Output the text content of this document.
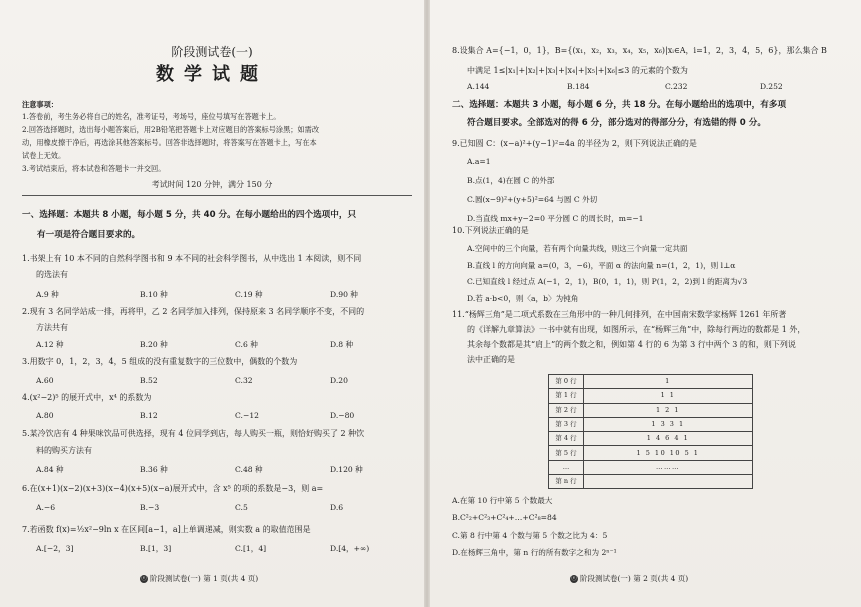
阶段测试卷(一)
数学试题
注意事项：
1.答卷前，考生务必将自己的姓名，准考证号，考场号，座位号填写在答题卡上。
2.回答选择题时，选出每小题答案后，用2B铅笔把答题卡上对应题目的答案标号涂黑；如需改
动，用橡皮擦干净后，再选涂其他答案标号。回答非选择题时，将答案写在答题卡上，写在本
试卷上无效。
3.考试结束后，将本试卷和答题卡一并交回。
考试时间 120 分钟，满分 150 分
一、选择题：本题共 8 小题，每小题 5 分，共 40 分。在每小题给出的四个选项中，只
有一项是符合题目要求的。
1.书架上有 10 本不同的自然科学图书和 9 本不同的社会科学图书，从中选出 1 本阅读，则不同
的选法有
A.9 种	B.10 种	C.19 种	D.90 种
2.现有 3 名同学站成一排，再将甲，乙 2 名同学加入排列，保持原来 3 名同学顺序不变，不同的
方法共有
A.12 种	B.20 种	C.6 种	D.8 种
3.用数字 0，1，2，3，4，5 组成的没有重复数字的三位数中，偶数的个数为
A.60	B.52	C.32	D.20
4.(x²−2)⁵ 的展开式中，x⁴ 的系数为
A.80	B.12	C.−12	D.−80
5.某冷饮店有 4 种果味饮品可供选择，现有 4 位同学到店，每人购买一瓶，则恰好购买了 2 种饮
料的购买方法有
A.84 种	B.36 种	C.48 种	D.120 种
6.在(x+1)(x−2)(x+3)(x−4)(x+5)(x−a)展开式中，含 x⁵ 的项的系数是−3，则 a=
A.−6	B.−3	C.5	D.6
7.若函数 f(x)=½x²−9ln x 在区间[a−1，a]上单调递减，则实数 a 的取值范围是
A.[−2，3]	B.[1，3]	C.[1，4]	D.[4，+∞)
ⓔ 阶段测试卷(一) 第 1 页(共 4 页)
8.设集合 A={−1，0，1}，B={(x₁，x₂，x₃，x₄，x₅，x₆)|xᵢ∈A，i=1，2，3，4，5，6}，那么集合 B
中满足 1≤|x₁|+|x₂|+|x₃|+|x₄|+|x₅|+|x₆|≤3 的元素的个数为
A.144	B.184	C.232	D.252
二、选择题：本题共 3 小题，每小题 6 分，共 18 分。在每小题给出的选项中，有多项
符合题目要求。全部选对的得 6 分，部分选对的得部分分，有选错的得 0 分。
9.已知圆 C：(x−a)²+(y−1)²=4a 的半径为 2，则下列说法正确的是
A.a=1
B.点(1，4)在圆 C 的外部
C.圆(x−9)²+(y+5)²=64 与圆 C 外切
D.当直线 mx+y−2=0 平分圆 C 的周长时，m=−1
10.下列说法正确的是
A.空间中的三个向量，若有两个向量共线，则这三个向量一定共面
B.直线 l 的方向向量 a=(0，3，−6)，平面 α 的法向量 n=(1，2，1)，则 l⊥α
C.已知直线 l 经过点 A(−1，2，1)，B(0，1，1)，则 P(1，2，2)到 l 的距离为√3
D.若 a·b<0，则〈a，b〉为钝角
11.“杨辉三角”是二项式系数在三角形中的一种几何排列，在中国南宋数学家杨辉 1261 年所著
的《详解九章算法》一书中就有出现，如图所示，在“杨辉三角”中，除每行两边的数都是 1 外，
其余每个数都是其“肩上”的两个数之和，例如第 4 行的 6 为第 3 行中两个 3 的和，则下列说
法中正确的是
第 0 行	1
第 1 行	1 1
第 2 行	1 2 1
第 3 行	1 3 3 1
第 4 行	1 4 6 4 1
第 5 行	1 5 10 10 5 1
…	………
第 n 行	
A.在第 10 行中第 5 个数最大
B.C²₂+C²₃+C²₄+…+C²₈=84
C.第 8 行中第 4 个数与第 5 个数之比为 4：5
D.在杨辉三角中，第 n 行的所有数字之和为 2ⁿ⁻¹
ⓔ 阶段测试卷(一) 第 2 页(共 4 页)
